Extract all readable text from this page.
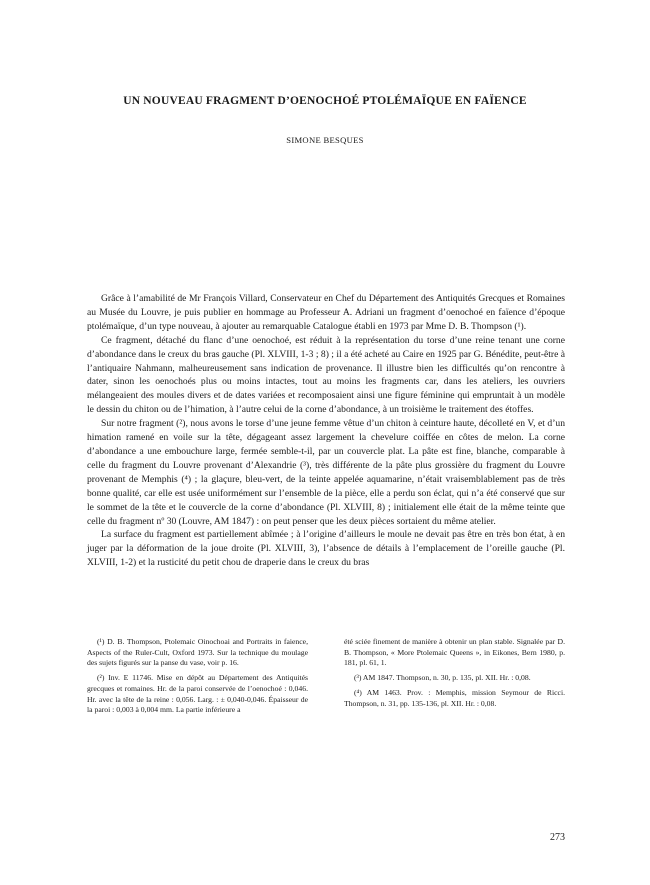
UN NOUVEAU FRAGMENT D’OENOCHOÉ PTOLÉMAÏQUE EN FAÏENCE
SIMONE BESQUES

Grâce à l’amabilité de Mr François Villard, Conservateur en Chef du Département des Antiquités Grecques et Romaines au Musée du Louvre, je puis publier en hommage au Professeur A. Adriani un fragment d’oenochoé en faïence d’époque ptolémaïque, d’un type nouveau, à ajouter au remarquable Catalogue établi en 1973 par Mme D. B. Thompson (¹).

Ce fragment, détaché du flanc d’une oenochoé, est réduit à la représentation du torse d’une reine tenant une corne d’abondance dans le creux du bras gauche (Pl. XLVIII, 1-3 ; 8) ; il a été acheté au Caire en 1925 par G. Bénédite, peut-être à l’antiquaire Nahmann, malheureusement sans indication de provenance. Il illustre bien les difficultés qu’on rencontre à dater, sinon les oenochoés plus ou moins intactes, tout au moins les fragments car, dans les ateliers, les ouvriers mélangeaient des moules divers et de dates variées et recomposaient ainsi une figure féminine qui empruntait à un modèle le dessin du chiton ou de l’himation, à l’autre celui de la corne d’abondance, à un troisième le traitement des étoffes.

Sur notre fragment (²), nous avons le torse d’une jeune femme vêtue d’un chiton à ceinture haute, décolleté en V, et d’un himation ramené en voile sur la tête, dégageant assez largement la chevelure coiffée en côtes de melon. La corne d’abondance a une embouchure large, fermée semble-t-il, par un couvercle plat. La pâte est fine, blanche, comparable à celle du fragment du Louvre provenant d’Alexandrie (³), très différente de la pâte plus grossière du fragment du Louvre provenant de Memphis (⁴) ; la glaçure, bleu-vert, de la teinte appelée aquamarine, n’était vraisemblablement pas de très bonne qualité, car elle est usée uniformément sur l’ensemble de la pièce, elle a perdu son éclat, qui n’a été conservé que sur le sommet de la tête et le couvercle de la corne d’abondance (Pl. XLVIII, 8) ; initialement elle était de la même teinte que celle du fragment nº 30 (Louvre, AM 1847) : on peut penser que les deux pièces sortaient du même atelier.

La surface du fragment est partiellement abîmée ; à l’origine d’ailleurs le moule ne devait pas être en très bon état, à en juger par la déformation de la joue droite (Pl. XLVIII, 3), l’absence de détails à l’emplacement de l’oreille gauche (Pl. XLVIII, 1-2) et la rusticité du petit chou de draperie dans le creux du bras

(¹) D. B. Thompson, Ptolemaic Oinochoai and Portraits in faience, Aspects of the Ruler-Cult, Oxford 1973. Sur la technique du moulage des sujets figurés sur la panse du vase, voir p. 16.

(²) Inv. E 11746. Mise en dépôt au Département des Antiquités grecques et romaines. Hr. de la paroi conservée de l’oenochoé : 0,046. Hr. avec la tête de la reine : 0,056. Larg. : ± 0,040-0,046. Épaisseur de la paroi : 0,003 à 0,004 mm. La partie inférieure a

été sciée finement de manière à obtenir un plan stable. Signalée par D. B. Thompson, « More Ptolemaic Queens », in Eikones, Bern 1980, p. 181, pl. 61, 1.

(³) AM 1847. Thompson, n. 30, p. 135, pl. XII. Hr. : 0,08.

(⁴) AM 1463. Prov. : Memphis, mission Seymour de Ricci. Thompson, n. 31, pp. 135-136, pl. XII. Hr. : 0,08.

273
